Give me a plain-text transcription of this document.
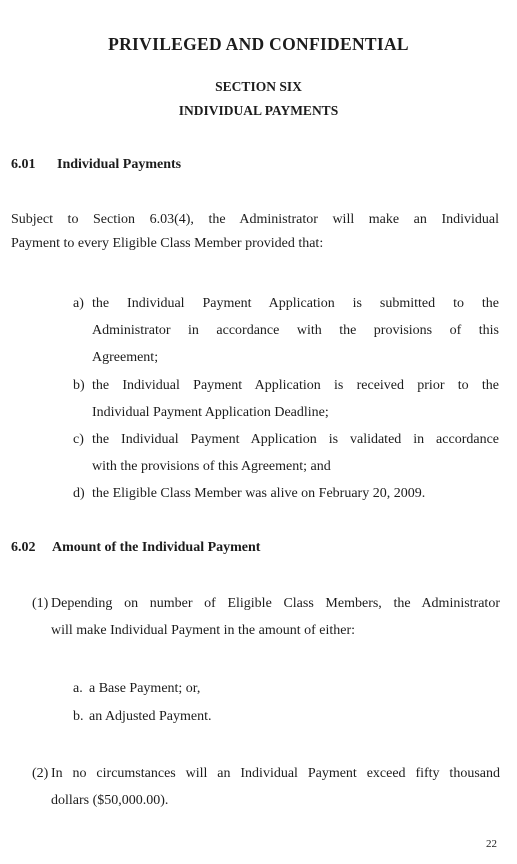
PRIVILEGED AND CONFIDENTIAL
SECTION SIX
INDIVIDUAL PAYMENTS
6.01 Individual Payments
Subject to Section 6.03(4), the Administrator will make an Individual
Payment to every Eligible Class Member provided that:
a) the Individual Payment Application is submitted to the
Administrator in accordance with the provisions of this
Agreement;
b) the Individual Payment Application is received prior to the
Individual Payment Application Deadline;
c) the Individual Payment Application is validated in accordance
with the provisions of this Agreement; and
d) the Eligible Class Member was alive on February 20, 2009.
6.02 Amount of the Individual Payment
(1) Depending on number of Eligible Class Members, the Administrator
will make Individual Payment in the amount of either:
a. a Base Payment; or,
b. an Adjusted Payment.
(2) In no circumstances will an Individual Payment exceed fifty thousand
dollars ($50,000.00).
22
